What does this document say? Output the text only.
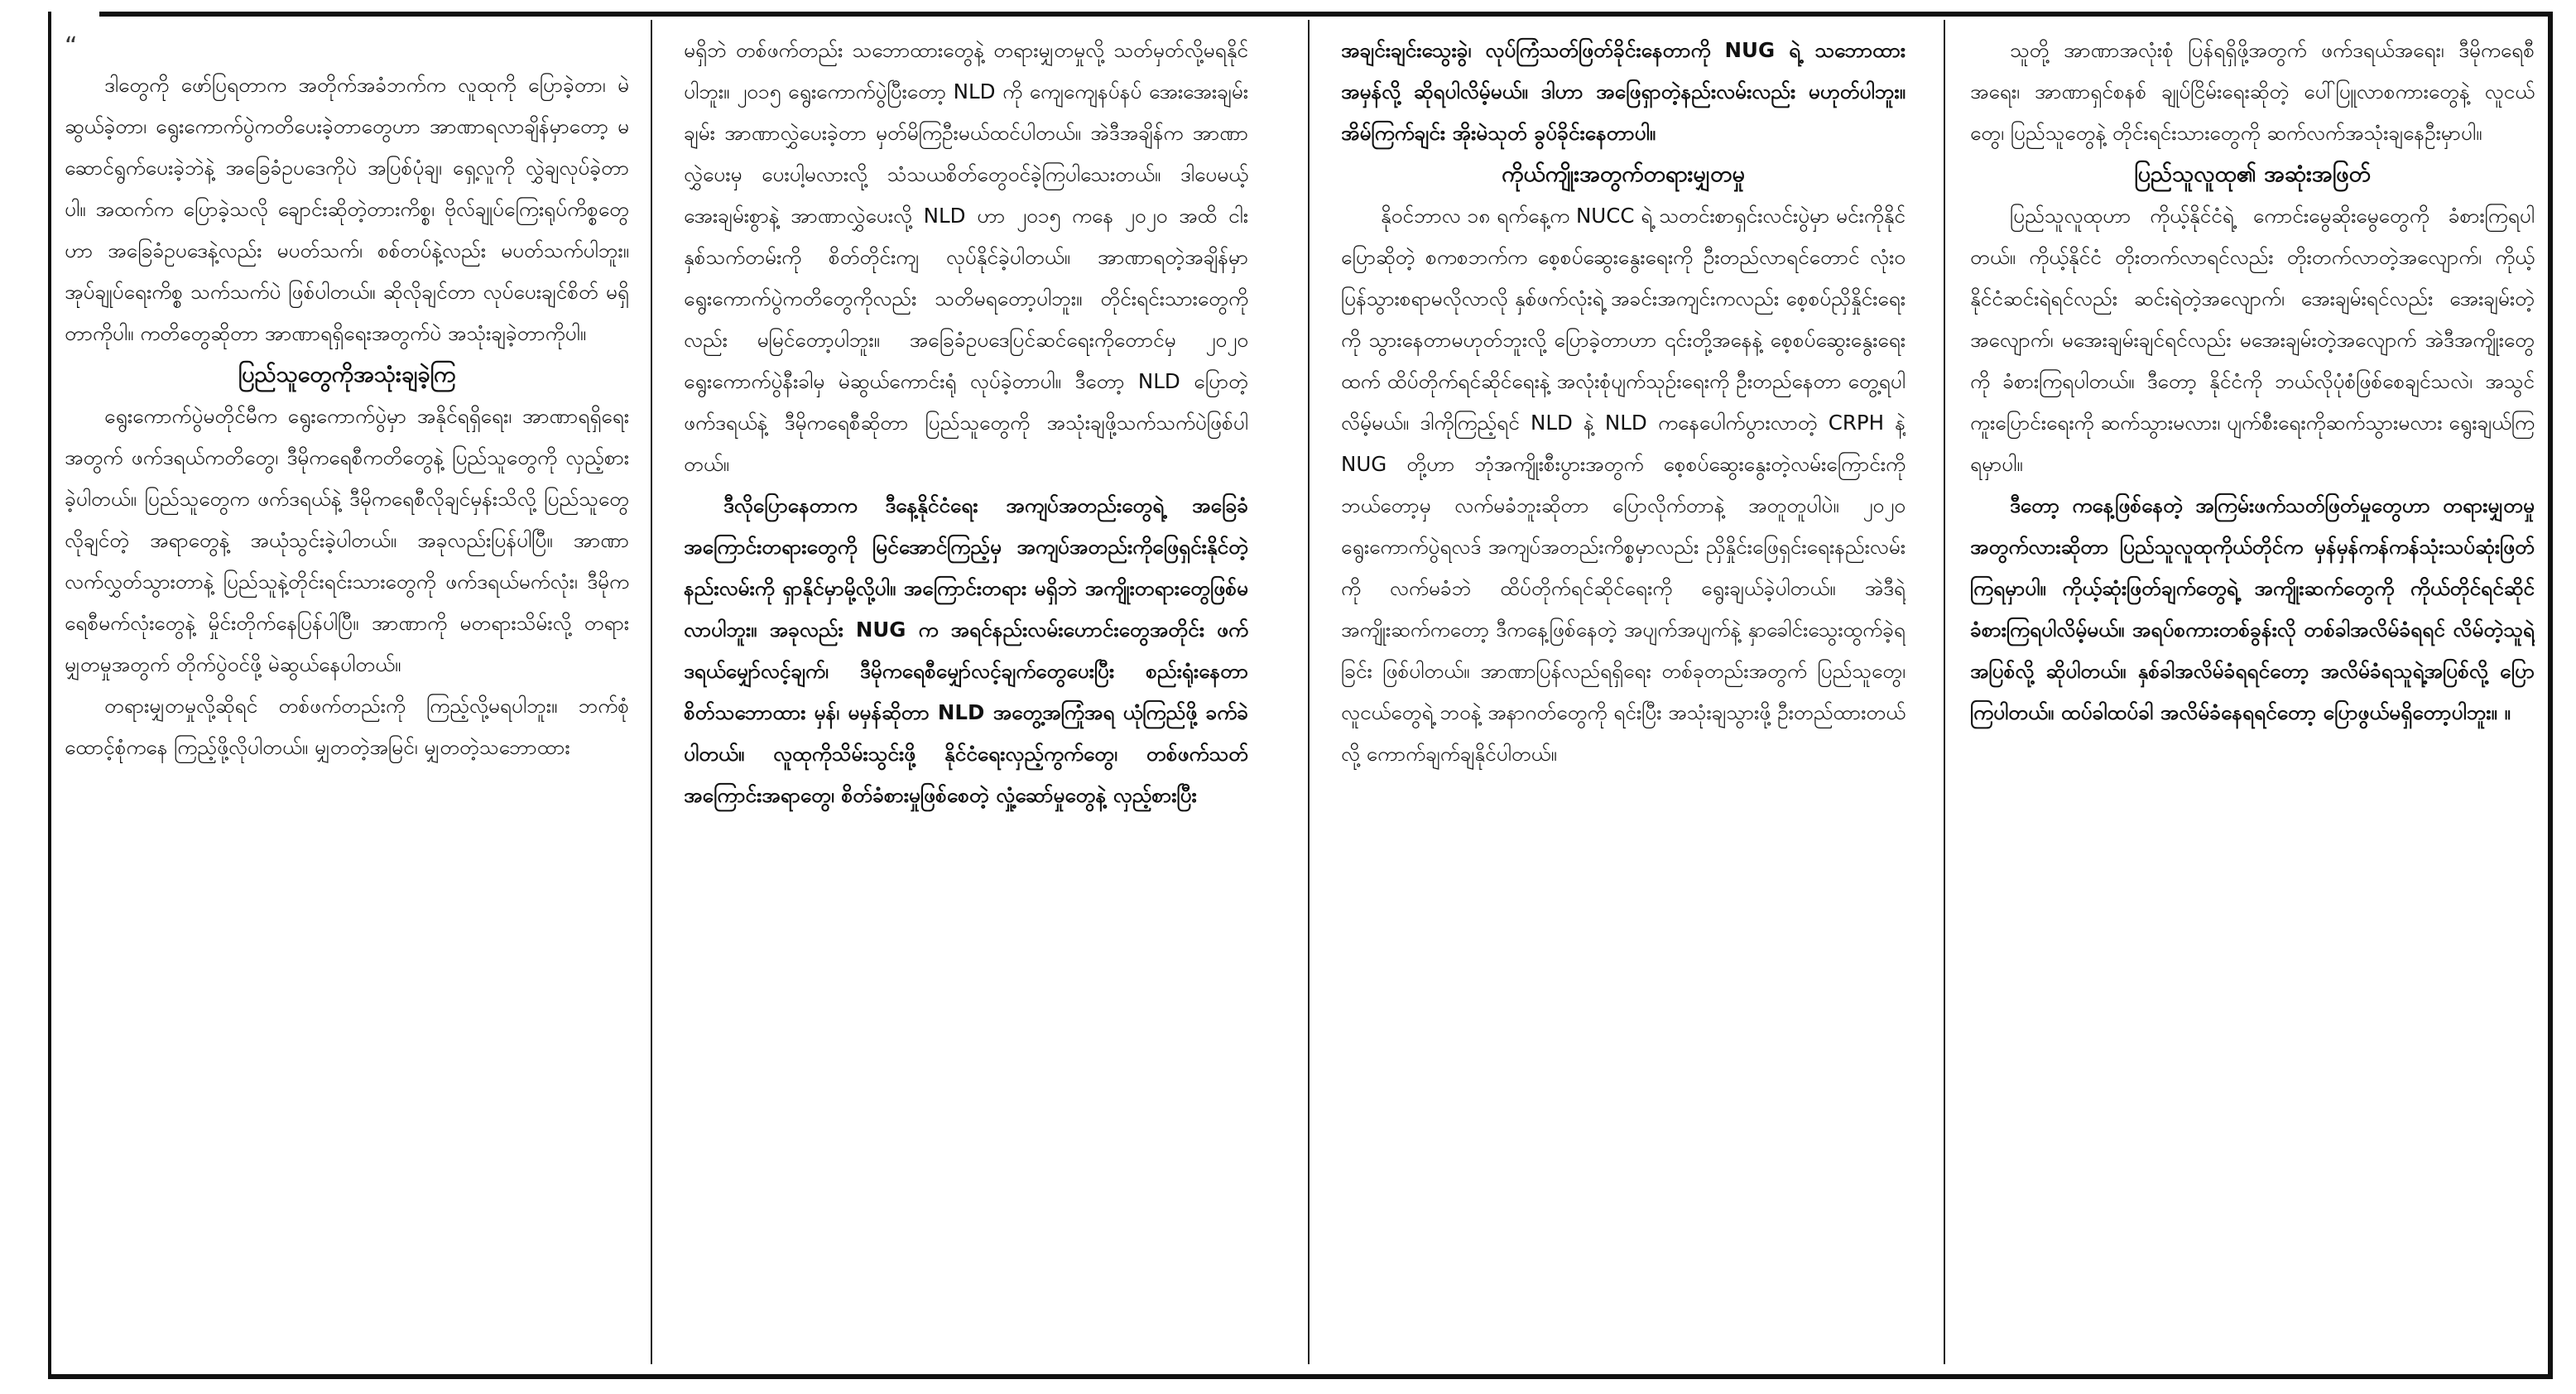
“

ဒါတွေကို ဖော်ပြရတာက အတိုက်အခံဘက်က လူထုကို ပြောခဲ့တာ၊ မဲဆွယ်ခဲ့တာ၊ ရွေးကောက်ပွဲကတိပေးခဲ့တာတွေဟာ အာဏာရလာချိန်မှာတော့ မဆောင်ရွက်ပေးခဲ့ဘဲနဲ့ အခြေခံဥပဒေကိုပဲ အပြစ်ပုံချ၊ ရှေ့လူကို လွှဲချလုပ်ခဲ့တာပါ။ အထက်က ပြောခဲ့သလို ချောင်းဆိုတဲ့တားကိစ္စ၊ ဗိုလ်ချုပ်ကြေးရုပ်ကိစ္စတွေဟာ အခြေခံဥပဒေနဲ့လည်း မပတ်သက်၊ စစ်တပ်နဲ့လည်း မပတ်သက်ပါဘူး။ အုပ်ချုပ်ရေးကိစ္စ သက်သက်ပဲ ဖြစ်ပါတယ်။ ဆိုလိုချင်တာ လုပ်ပေးချင်စိတ် မရှိတာကိုပါ။ ကတိတွေဆိုတာ အာဏာရရှိရေးအတွက်ပဲ အသုံးချခဲ့တာကိုပါ။

ပြည်သူတွေကိုအသုံးချခဲ့ကြ

ရွေးကောက်ပွဲမတိုင်မီက ရွေးကောက်ပွဲမှာ အနိုင်ရရှိရေး၊ အာဏာရရှိရေးအတွက် ဖက်ဒရယ်ကတိတွေ၊ ဒီမိုကရေစီကတိတွေနဲ့ ပြည်သူတွေကို လှည့်စားခဲ့ပါတယ်။ ပြည်သူတွေက ဖက်ဒရယ်နဲ့ ဒီမိုကရေစီလိုချင်မှန်းသိလို့ ပြည်သူတွေလိုချင်တဲ့ အရာတွေနဲ့ အယုံသွင်းခဲ့ပါတယ်။ အခုလည်းပြန်ပါပြီ။ အာဏာလက်လွှတ်သွားတာနဲ့ ပြည်သူနဲ့တိုင်းရင်းသားတွေကို ဖက်ဒရယ်မက်လုံး၊ ဒီမိုကရေစီမက်လုံးတွေနဲ့ မှိုင်းတိုက်နေပြန်ပါပြီ။ အာဏာကို မတရားသိမ်းလို့ တရားမျှတမှုအတွက် တိုက်ပွဲဝင်ဖို့ မဲဆွယ်နေပါတယ်။

တရားမျှတမှုလို့ဆိုရင် တစ်ဖက်တည်းကို ကြည့်လို့မရပါဘူး။ ဘက်စုံထောင့်စုံကနေ ကြည့်ဖို့လိုပါတယ်။ မျှတတဲ့အမြင်၊ မျှတတဲ့သဘောထား

မရှိဘဲ တစ်ဖက်တည်း သဘောထားတွေနဲ့ တရားမျှတမှုလို့ သတ်မှတ်လို့မရနိုင်ပါဘူး။ ၂၀၁၅ ရွေးကောက်ပွဲပြီးတော့ NLD ကို ကျေကျေနပ်နပ် အေးအေးချမ်းချမ်း အာဏာလွှဲပေးခဲ့တာ မှတ်မိကြဦးမယ်ထင်ပါတယ်။ အဲဒီအချိန်က အာဏာလွှဲပေးမှ ပေးပါ့မလားလို့ သံသယစိတ်တွေဝင်ခဲ့ကြပါသေးတယ်။ ဒါပေမယ့် အေးချမ်းစွာနဲ့ အာဏာလွှဲပေးလို့ NLD ဟာ ၂၀၁၅ ကနေ ၂၀၂၀ အထိ ငါးနှစ်သက်တမ်းကို စိတ်တိုင်းကျ လုပ်နိုင်ခဲ့ပါတယ်။ အာဏာရတဲ့အချိန်မှာ ရွေးကောက်ပွဲကတိတွေကိုလည်း သတိမရတော့ပါဘူး။ တိုင်းရင်းသားတွေကိုလည်း မမြင်တော့ပါဘူး။ အခြေခံဥပဒေပြင်ဆင်ရေးကိုတောင်မှ ၂၀၂၀ ရွေးကောက်ပွဲနီးခါမှ မဲဆွယ်ကောင်းရုံ လုပ်ခဲ့တာပါ။ ဒီတော့ NLD ပြောတဲ့ ဖက်ဒရယ်နဲ့ ဒီမိုကရေစီဆိုတာ ပြည်သူတွေကို အသုံးချဖို့သက်သက်ပဲဖြစ်ပါတယ်။

ဒီလိုပြောနေတာက ဒီနေ့နိုင်ငံရေး အကျပ်အတည်းတွေရဲ့ အခြေခံအကြောင်းတရားတွေကို မြင်အောင်ကြည့်မှ အကျပ်အတည်းကိုဖြေရှင်းနိုင်တဲ့ နည်းလမ်းကို ရှာနိုင်မှာမို့လို့ပါ။ အကြောင်းတရား မရှိဘဲ အကျိုးတရားတွေဖြစ်မလာပါဘူး။ အခုလည်း NUG က အရင်နည်းလမ်းဟောင်းတွေအတိုင်း ဖက်ဒရယ်မျှော်လင့်ချက်၊ ဒီမိုကရေစီမျှော်လင့်ချက်တွေပေးပြီး စည်းရုံးနေတာ စိတ်သဘောထား မှန်၊ မမှန်ဆိုတာ NLD အတွေ့အကြုံအရ ယုံကြည်ဖို့ ခက်ခဲပါတယ်။ လူထုကိုသိမ်းသွင်းဖို့ နိုင်ငံရေးလှည့်ကွက်တွေ၊ တစ်ဖက်သတ်အကြောင်းအရာတွေ၊ စိတ်ခံစားမှုဖြစ်စေတဲ့ လှုံ့ဆော်မှုတွေနဲ့ လှည့်စားပြီး

အချင်းချင်းသွေးခွဲ၊ လုပ်ကြံသတ်ဖြတ်ခိုင်းနေတာကို NUG ရဲ့ သဘောထားအမှန်လို့ ဆိုရပါလိမ့်မယ်။ ဒါဟာ အဖြေရှာတဲ့နည်းလမ်းလည်း မဟုတ်ပါဘူး။ အိမ်ကြက်ချင်း အိုးမဲသုတ် ခွပ်ခိုင်းနေတာပါ။

ကိုယ်ကျိုးအတွက်တရားမျှတမှု

နိုဝင်ဘာလ ၁၈ ရက်နေ့က NUCC ရဲ့ သတင်းစာရှင်းလင်းပွဲမှာ မင်းကိုနိုင်ပြောဆိုတဲ့ စကစဘက်က စေ့စပ်ဆွေးနွေးရေးကို ဦးတည်လာရင်တောင် လုံးဝ ပြန်သွားစရာမလိုလာလို နှစ်ဖက်လုံးရဲ့ အခင်းအကျင်းကလည်း စေ့စပ်ညှိနှိုင်းရေးကို သွားနေတာမဟုတ်ဘူးလို့ ပြောခဲ့တာဟာ ၎င်းတို့အနေနဲ့ စေ့စပ်ဆွေးနွေးရေးထက် ထိပ်တိုက်ရင်ဆိုင်ရေးနဲ့ အလုံးစုံပျက်သုဉ်းရေးကို ဦးတည်နေတာ တွေ့ရပါလိမ့်မယ်။ ဒါကိုကြည့်ရင် NLD နဲ့ NLD ကနေပေါက်ပွားလာတဲ့ CRPH နဲ့ NUG တို့ဟာ ဘုံအကျိုးစီးပွားအတွက် စေ့စပ်ဆွေးနွေးတဲ့လမ်းကြောင်းကို ဘယ်တော့မှ လက်မခံဘူးဆိုတာ ပြောလိုက်တာနဲ့ အတူတူပါပဲ။ ၂၀၂၀ ရွေးကောက်ပွဲရလဒ် အကျပ်အတည်းကိစ္စမှာလည်း ညှိနှိုင်းဖြေရှင်းရေးနည်းလမ်းကို လက်မခံဘဲ ထိပ်တိုက်ရင်ဆိုင်ရေးကို ရွေးချယ်ခဲ့ပါတယ်။ အဲဒီရဲ့ အကျိုးဆက်ကတော့ ဒီကနေ့ဖြစ်နေတဲ့ အပျက်အပျက်နဲ့ နှာခေါင်းသွေးထွက်ခဲ့ရခြင်း ဖြစ်ပါတယ်။ အာဏာပြန်လည်ရရှိရေး တစ်ခုတည်းအတွက် ပြည်သူတွေ၊ လူငယ်တွေရဲ့ ဘဝနဲ့ အနာဂတ်တွေကို ရင်းပြီး အသုံးချသွားဖို့ ဦးတည်ထားတယ်လို့ ကောက်ချက်ချနိုင်ပါတယ်။

သူတို့ အာဏာအလုံးစုံ ပြန်ရရှိဖို့အတွက် ဖက်ဒရယ်အရေး၊ ဒီမိုကရေစီအရေး၊ အာဏာရှင်စနစ် ချုပ်ငြိမ်းရေးဆိုတဲ့ ပေါ်ပြူလာစကားတွေနဲ့ လူငယ်တွေ၊ ပြည်သူတွေနဲ့ တိုင်းရင်းသားတွေကို ဆက်လက်အသုံးချနေဦးမှာပါ။

ပြည်သူလူထု၏ အဆုံးအဖြတ်

ပြည်သူလူထုဟာ ကိုယ့်နိုင်ငံရဲ့ ကောင်းမွေဆိုးမွေတွေကို ခံစားကြရပါတယ်။ ကိုယ့်နိုင်ငံ တိုးတက်လာရင်လည်း တိုးတက်လာတဲ့အလျောက်၊ ကိုယ့်နိုင်ငံဆင်းရဲရင်လည်း ဆင်းရဲတဲ့အလျောက်၊ အေးချမ်းရင်လည်း အေးချမ်းတဲ့အလျောက်၊ မအေးချမ်းချင်ရင်လည်း မအေးချမ်းတဲ့အလျောက် အဲဒီအကျိုးတွေကို ခံစားကြရပါတယ်။ ဒီတော့ နိုင်ငံကို ဘယ်လိုပုံစံဖြစ်စေချင်သလဲ၊ အသွင်ကူးပြောင်းရေးကို ဆက်သွားမလား၊ ပျက်စီးရေးကိုဆက်သွားမလား ရွေးချယ်ကြရမှာပါ။

ဒီတော့ ကနေ့ဖြစ်နေတဲ့ အကြမ်းဖက်သတ်ဖြတ်မှုတွေဟာ တရားမျှတမှုအတွက်လားဆိုတာ ပြည်သူလူထုကိုယ်တိုင်က မှန်မှန်ကန်ကန်သုံးသပ်ဆုံးဖြတ်ကြရမှာပါ။ ကိုယ့်ဆုံးဖြတ်ချက်တွေရဲ့ အကျိုးဆက်တွေကို ကိုယ်တိုင်ရင်ဆိုင်ခံစားကြရပါလိမ့်မယ်။ အရပ်စကားတစ်ခွန်းလို တစ်ခါအလိမ်ခံရရင် လိမ်တဲ့သူရဲ့ အပြစ်လို့ ဆိုပါတယ်။ နှစ်ခါအလိမ်ခံရရင်တော့ အလိမ်ခံရသူရဲ့အပြစ်လို့ ပြောကြပါတယ်။ ထပ်ခါထပ်ခါ အလိမ်ခံနေရရင်တော့ ပြောဖွယ်မရှိတော့ပါဘူး။ ။
